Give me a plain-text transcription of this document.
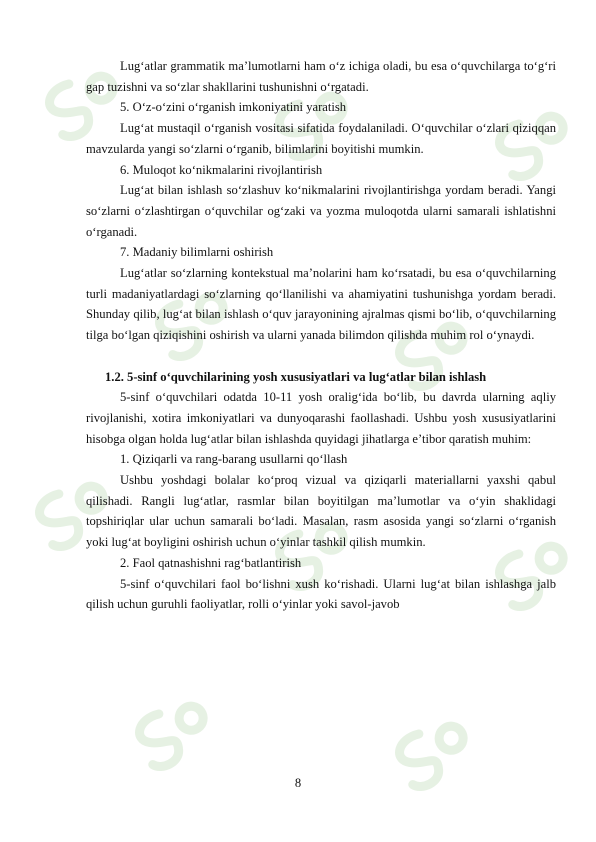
Lug‘atlar grammatik ma’lumotlarni ham o‘z ichiga oladi, bu esa o‘quvchilarga to‘g‘ri gap tuzishni va so‘zlar shakllarini tushunishni o‘rgatadi.

5. O‘z-o‘zini o‘rganish imkoniyatini yaratish

Lug‘at mustaqil o‘rganish vositasi sifatida foydalaniladi. O‘quvchilar o‘zlari qiziqqan mavzularda yangi so‘zlarni o‘rganib, bilimlarini boyitishi mumkin.

6. Muloqot ko‘nikmalarini rivojlantirish

Lug‘at bilan ishlash so‘zlashuv ko‘nikmalarini rivojlantirishga yordam beradi. Yangi so‘zlarni o‘zlashtirgan o‘quvchilar og‘zaki va yozma muloqotda ularni samarali ishlatishni o‘rganadi.

7. Madaniy bilimlarni oshirish

Lug‘atlar so‘zlarning kontekstual ma’nolarini ham ko‘rsatadi, bu esa o‘quvchilarning turli madaniyatlardagi so‘zlarning qo‘llanilishi va ahamiyatini tushunishga yordam beradi. Shunday qilib, lug‘at bilan ishlash o‘quv jarayonining ajralmas qismi bo‘lib, o‘quvchilarning tilga bo‘lgan qiziqishini oshirish va ularni yanada bilimdon qilishda muhim rol o‘ynaydi.

1.2. 5-sinf o‘quvchilarining yosh xususiyatlari va lug‘atlar bilan ishlash

5-sinf o‘quvchilari odatda 10-11 yosh oralig‘ida bo‘lib, bu davrda ularning aqliy rivojlanishi, xotira imkoniyatlari va dunyoqarashi faollashadi. Ushbu yosh xususiyatlarini hisobga olgan holda lug‘atlar bilan ishlashda quyidagi jihatlarga e’tibor qaratish muhim:

1. Qiziqarli va rang-barang usullarni qo‘llash

Ushbu yoshdagi bolalar ko‘proq vizual va qiziqarli materiallarni yaxshi qabul qilishadi. Rangli lug‘atlar, rasmlar bilan boyitilgan ma’lumotlar va o‘yin shaklidagi topshiriqlar ular uchun samarali bo‘ladi. Masalan, rasm asosida yangi so‘zlarni o‘rganish yoki lug‘at boyligini oshirish uchun o‘yinlar tashkil qilish mumkin.

2. Faol qatnashishni rag‘batlantirish

5-sinf o‘quvchilari faol bo‘lishni xush ko‘rishadi. Ularni lug‘at bilan ishlashga jalb qilish uchun guruhli faoliyatlar, rolli o‘yinlar yoki savol-javob

8
